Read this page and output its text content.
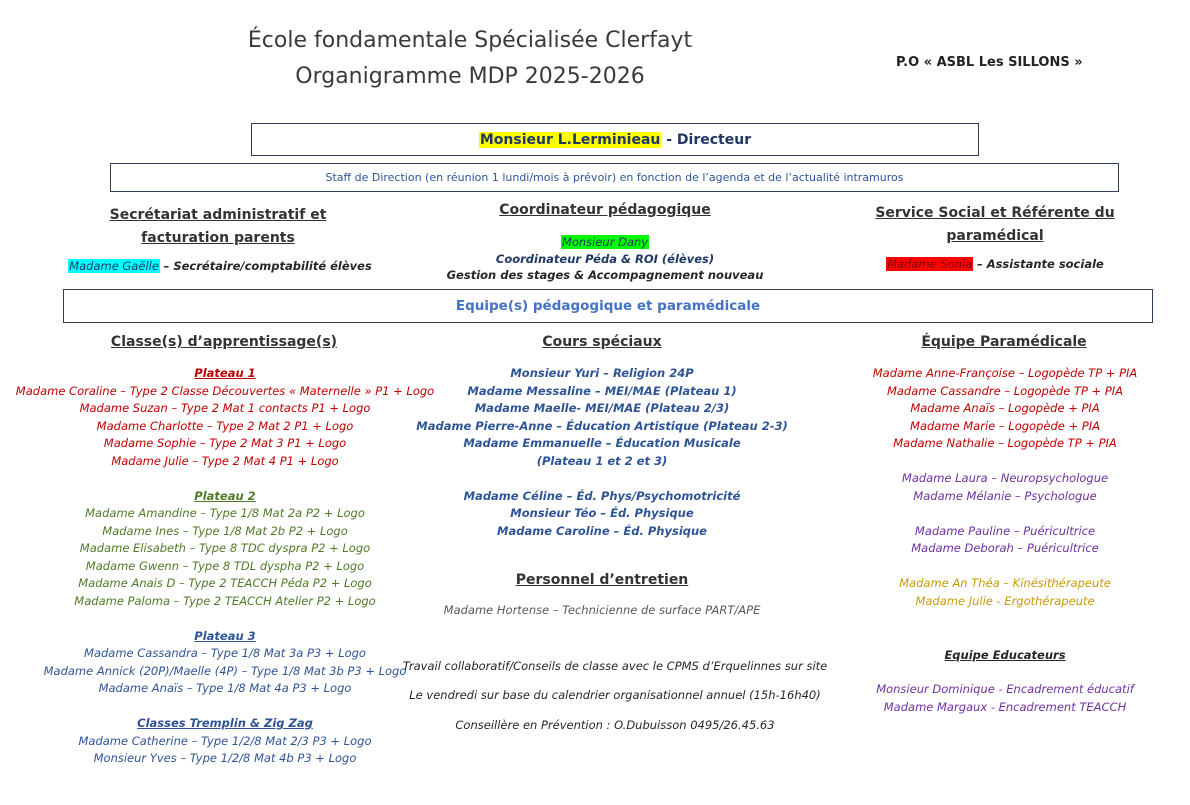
École fondamentale Spécialisée Clerfayt
Organigramme MDP 2025-2026
P.O « ASBL Les SILLONS »
Monsieur L.Lerminieau - Directeur
Staff de Direction (en réunion 1 lundi/mois à prévoir) en fonction de l’agenda et de l’actualité intramuros
Secrétariat administratif et
facturation parents
Madame Gaëlle – Secrétaire/comptabilité élèves
Coordinateur pédagogique
Monsieur Dany
Coordinateur Péda & ROI (élèves)
Gestion des stages & Accompagnement nouveau
Service Social et Référente du
paramédical
Madame Sonia – Assistante sociale
Equipe(s) pédagogique et paramédicale
Classe(s) d’apprentissage(s)
Plateau 1
Madame Coraline – Type 2 Classe Découvertes « Maternelle » P1 + Logo
Madame Suzan – Type 2 Mat 1 contacts P1 + Logo
Madame Charlotte – Type 2 Mat 2 P1 + Logo
Madame Sophie – Type 2 Mat 3 P1 + Logo
Madame Julie – Type 2 Mat 4 P1 + Logo

Plateau 2
Madame Amandine – Type 1/8 Mat 2a P2 + Logo
Madame Ines – Type 1/8 Mat 2b P2 + Logo
Madame Elisabeth – Type 8 TDC dyspra P2 + Logo
Madame Gwenn – Type 8 TDL dyspha P2 + Logo
Madame Anais D – Type 2 TEACCH Péda P2 + Logo
Madame Paloma – Type 2 TEACCH Atelier P2 + Logo

Plateau 3
Madame Cassandra – Type 1/8 Mat 3a P3 + Logo
Madame Annick (20P)/Maelle (4P) – Type 1/8 Mat 3b P3 + Logo
Madame Anaïs – Type 1/8 Mat 4a P3 + Logo

Classes Tremplin & Zig Zag
Madame Catherine – Type 1/2/8 Mat 2/3 P3 + Logo
Monsieur Yves – Type 1/2/8 Mat 4b P3 + Logo
Cours spéciaux
Monsieur Yuri – Religion 24P
Madame Messaline – MEI/MAE (Plateau 1)
Madame Maelle- MEI/MAE (Plateau 2/3)
Madame Pierre-Anne – Éducation Artistique (Plateau 2-3)
Madame Emmanuelle – Éducation Musicale
(Plateau 1 et 2 et 3)

Madame Céline – Éd. Phys/Psychomotricité
Monsieur Téo – Éd. Physique
Madame Caroline – Éd. Physique
Personnel d’entretien
Madame Hortense – Technicienne de surface PART/APE
Travail collaboratif/Conseils de classe avec le CPMS d’Erquelinnes sur site
Le vendredi sur base du calendrier organisationnel annuel (15h-16h40)
Conseillère en Prévention : O.Dubuisson 0495/26.45.63
Équipe Paramédicale
Madame Anne-Françoise – Logopède TP + PIA
Madame Cassandre – Logopède TP + PIA
Madame Anaïs – Logopède + PIA
Madame Marie – Logopède + PIA
Madame Nathalie – Logopède TP + PIA

Madame Laura – Neuropsychologue
Madame Mélanie – Psychologue

Madame Pauline – Puéricultrice
Madame Deborah – Puéricultrice

Madame An Théa – Kinésithérapeute
Madame Julie - Ergothérapeute
Equipe Educateurs
Monsieur Dominique - Encadrement éducatif
Madame Margaux - Encadrement TEACCH
